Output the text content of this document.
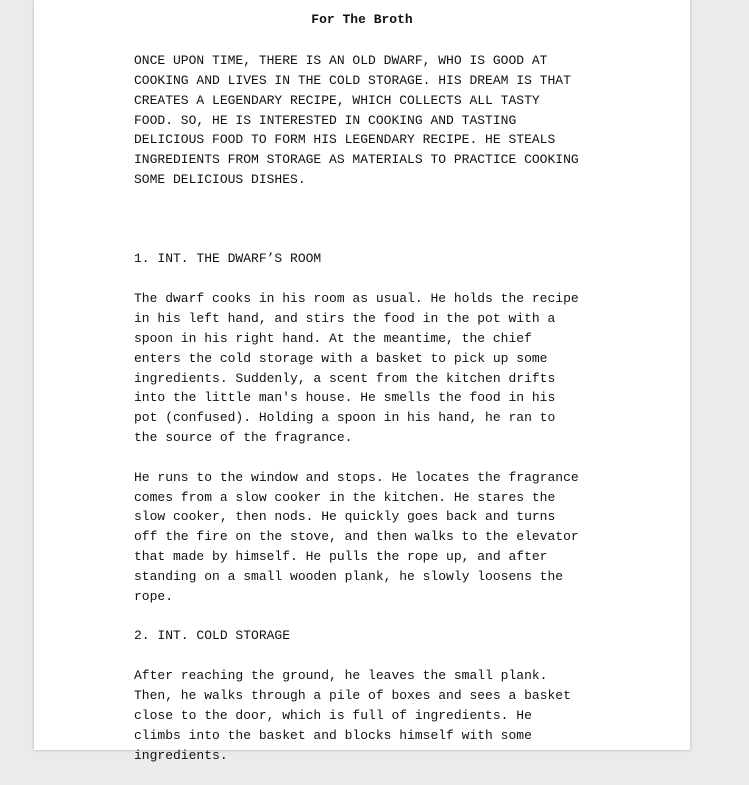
For The Broth
ONCE UPON TIME, THERE IS AN OLD DWARF, WHO IS GOOD AT
COOKING AND LIVES IN THE COLD STORAGE. HIS DREAM IS THAT
CREATES A LEGENDARY RECIPE, WHICH COLLECTS ALL TASTY
FOOD. SO, HE IS INTERESTED IN COOKING AND TASTING
DELICIOUS FOOD TO FORM HIS LEGENDARY RECIPE. HE STEALS
INGREDIENTS FROM STORAGE AS MATERIALS TO PRACTICE COOKING
SOME DELICIOUS DISHES.
1. INT. THE DWARF’S ROOM
The dwarf cooks in his room as usual. He holds the recipe
in his left hand, and stirs the food in the pot with a
spoon in his right hand. At the meantime, the chief
enters the cold storage with a basket to pick up some
ingredients. Suddenly, a scent from the kitchen drifts
into the little man's house. He smells the food in his
pot (confused). Holding a spoon in his hand, he ran to
the source of the fragrance.
He runs to the window and stops. He locates the fragrance
comes from a slow cooker in the kitchen. He stares the
slow cooker, then nods. He quickly goes back and turns
off the fire on the stove, and then walks to the elevator
that made by himself. He pulls the rope up, and after
standing on a small wooden plank, he slowly loosens the
rope.
2. INT. COLD STORAGE
After reaching the ground, he leaves the small plank.
Then, he walks through a pile of boxes and sees a basket
close to the door, which is full of ingredients. He
climbs into the basket and blocks himself with some
ingredients.
